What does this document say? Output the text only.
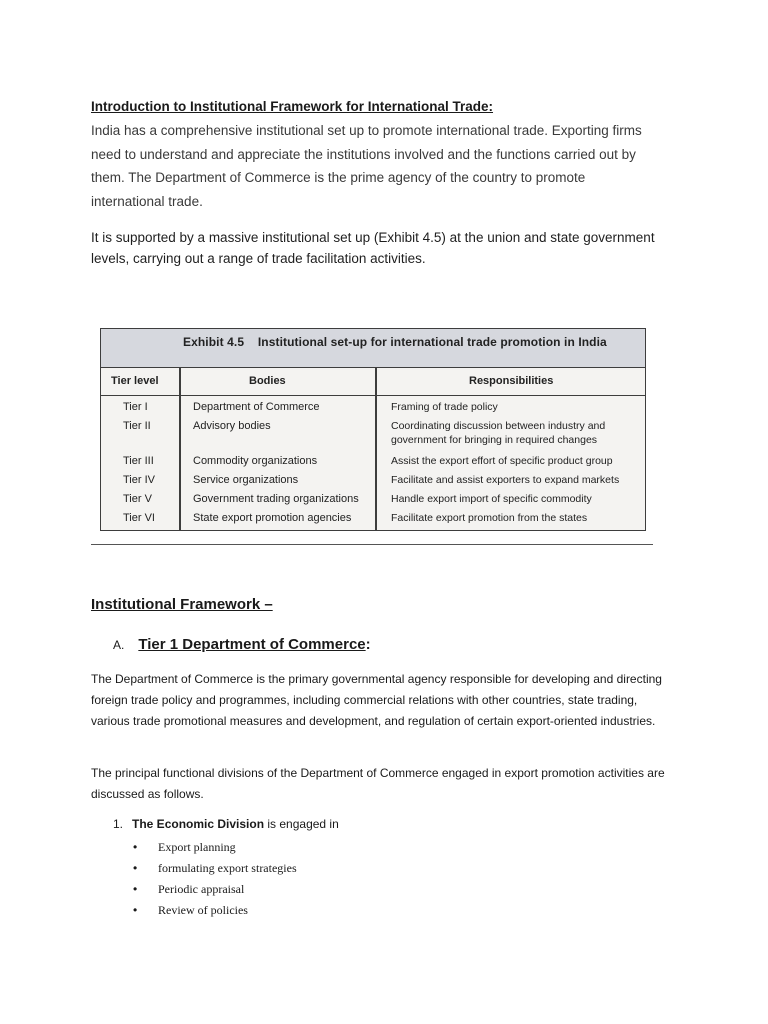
Introduction to Institutional Framework for International Trade:
India has a comprehensive institutional set up to promote international trade. Exporting firms
need to understand and appreciate the institutions involved and the functions carried out by
them. The Department of Commerce is the prime agency of the country to promote
international trade.
It is supported by a massive institutional set up (Exhibit 4.5) at the union and state government
levels, carrying out a range of trade facilitation activities.
Exhibit 4.5    Institutional set-up for international trade promotion in India
Tier level	Bodies	Responsibilities
Tier I	Department of Commerce	Framing of trade policy
Tier II	Advisory bodies	Coordinating discussion between industry and government for bringing in required changes
Tier III	Commodity organizations	Assist the export effort of specific product group
Tier IV	Service organizations	Facilitate and assist exporters to expand markets
Tier V	Government trading organizations	Handle export import of specific commodity
Tier VI	State export promotion agencies	Facilitate export promotion from the states
Institutional Framework –
A. Tier 1 Department of Commerce:
The Department of Commerce is the primary governmental agency responsible for developing and directing foreign trade policy and programmes, including commercial relations with other countries, state trading, various trade promotional measures and development, and regulation of certain export-oriented industries.
The principal functional divisions of the Department of Commerce engaged in export promotion activities are discussed as follows.
1. The Economic Division is engaged in
• Export planning
• formulating export strategies
• Periodic appraisal
• Review of policies
